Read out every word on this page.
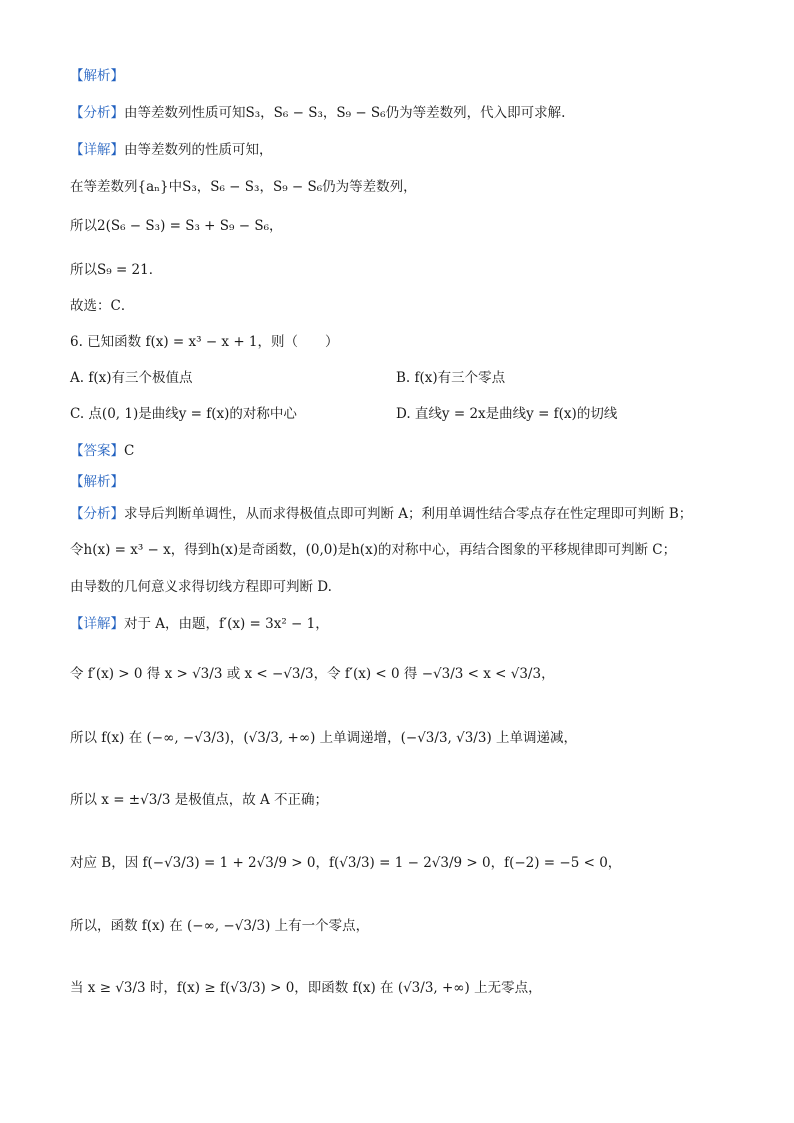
【解析】
【分析】由等差数列性质可知S₃，S₆ − S₃，S₉ − S₆仍为等差数列，代入即可求解.
【详解】由等差数列的性质可知，
在等差数列{aₙ}中S₃，S₆ − S₃，S₉ − S₆仍为等差数列，
所以2(S₆ − S₃) = S₃ + S₉ − S₆，
所以S₉ = 21．
故选：C．
6. 已知函数 f(x) = x³ − x + 1，则（　　）
A. f(x)有三个极值点	B. f(x)有三个零点
C. 点(0, 1)是曲线y = f(x)的对称中心	D. 直线y = 2x是曲线y = f(x)的切线
【答案】C
【解析】
【分析】求导后判断单调性，从而求得极值点即可判断 A；利用单调性结合零点存在性定理即可判断 B；
令h(x) = x³ − x，得到h(x)是奇函数，(0,0)是h(x)的对称中心，再结合图象的平移规律即可判断 C；
由导数的几何意义求得切线方程即可判断 D.
【详解】对于 A，由题，f′(x) = 3x² − 1，
令 f′(x) > 0 得 x > √3/3 或 x < −√3/3，令 f′(x) < 0 得 −√3/3 < x < √3/3，
所以 f(x) 在 (−∞, −√3/3)，(√3/3, +∞) 上单调递增，(−√3/3, √3/3) 上单调递减，
所以 x = ±√3/3 是极值点，故 A 不正确；
对应 B，因 f(−√3/3) = 1 + 2√3/9 > 0，f(√3/3) = 1 − 2√3/9 > 0，f(−2) = −5 < 0，
所以，函数 f(x) 在 (−∞, −√3/3) 上有一个零点，
当 x ≥ √3/3 时，f(x) ≥ f(√3/3) > 0，即函数 f(x) 在 (√3/3, +∞) 上无零点，
